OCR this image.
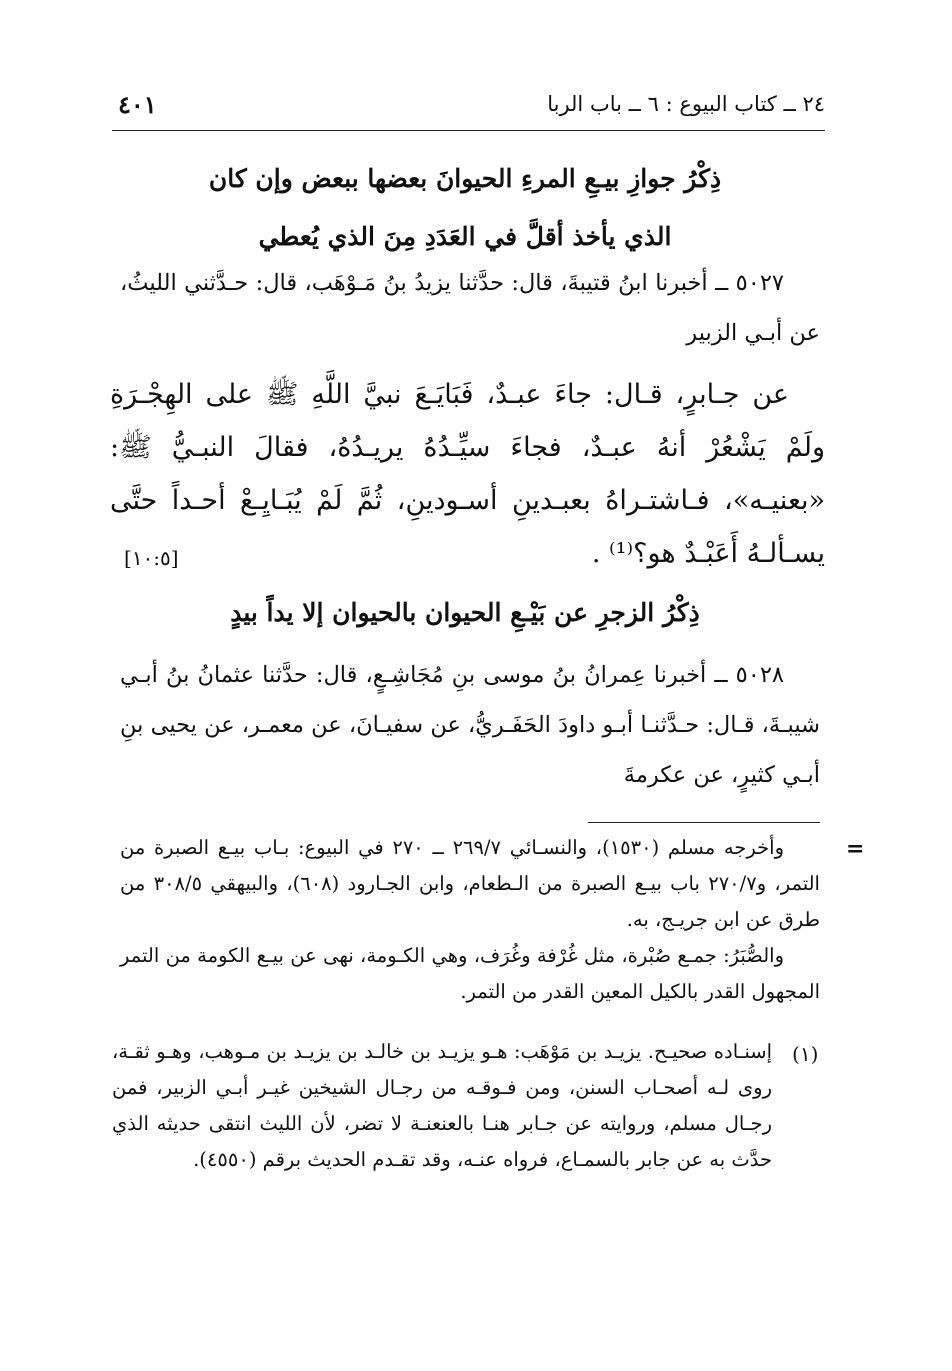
٢٤ ــ كتاب البيوع : ٦ ــ باب الربا
٤٠١

ذِكْرُ جوازِ بيـعِ المرءِ الحيوانَ بعضها ببعض وإن كان

الذي يأخذ أقلَّ في العَدَدِ مِنَ الذي يُعطي

٥٠٢٧ ــ أخبرنا ابنُ قتيبةَ، قال: حدَّثنا يزيدُ بنُ مَـوْهَب، قال: حـدَّثني الليثُ، عن أبـي الزبير

عن جـابرٍ، قـال: جاءَ عبـدٌ، فَبَايَـعَ نبيَّ اللَّهِ ﷺ على الهِجْـرَةِ ولَمْ يَشْعُرْ أنهُ عبـدٌ، فجاءَ سيِّـدُهُ يريـدُهُ، فقالَ النبـيُّ ﷺ: «بعنيـه»، فـاشتـراهُ بعبـدينِ أسـودينِ، ثُمَّ لَمْ يُبَـايِـعْ أحـداً حتَّى يسـألـهُ أَعَبْـدٌ هو؟⁽¹⁾ .

[١٠:٥]

ذِكْرُ الزجرِ عن بَيْـعِ الحيوان بالحيوان إلا يداً بيدٍ

٥٠٢٨ ــ أخبرنا عِمرانُ بنُ موسى بنِ مُجَاشِـعٍ، قال: حدَّثنا عثمانُ بنُ أبـي شيبـةَ، قـال: حـدَّثنـا أبـو داودَ الحَفَـريُّ، عن سفيـانَ، عن معمـر، عن يحيى بنِ أبـي كثيرٍ، عن عكرمةَ

=

وأخرجه مسلم (١٥٣٠)، والنسـائي ٢٦٩/٧ ــ ٢٧٠ في البيوع: بـاب بيـع الصبرة من التمر، و٢٧٠/٧ باب بيـع الصبرة من الـطعام، وابن الجـارود (٦٠٨)، والبيهقي ٣٠٨/٥ من طرق عن ابن جريـج، به.

والصُّبَرُ: جمـع صُبْرة، مثل غُرْفة وغُرَف، وهي الكـومة، نهى عن بيـع الكومة من التمر المجهول القدر بالكيل المعين القدر من التمر.

(١)

إسنـاده صحيـح. يزيـد بن مَوْهَب: هـو يزيـد بن خالـد بن يزيـد بن مـوهب، وهـو ثقـة، روى لـه أصحـاب السنن، ومن فـوقـه من رجـال الشيخين غيـر أبـي الزبير، فمن رجـال مسلم، وروايته عن جـابر هنـا بالعنعنـة لا تضر، لأن الليث انتقى حديثه الذي حدَّث به عن جابر بالسمـاع، فرواه عنـه، وقد تقـدم الحديث برقم (٤٥٥٠).
